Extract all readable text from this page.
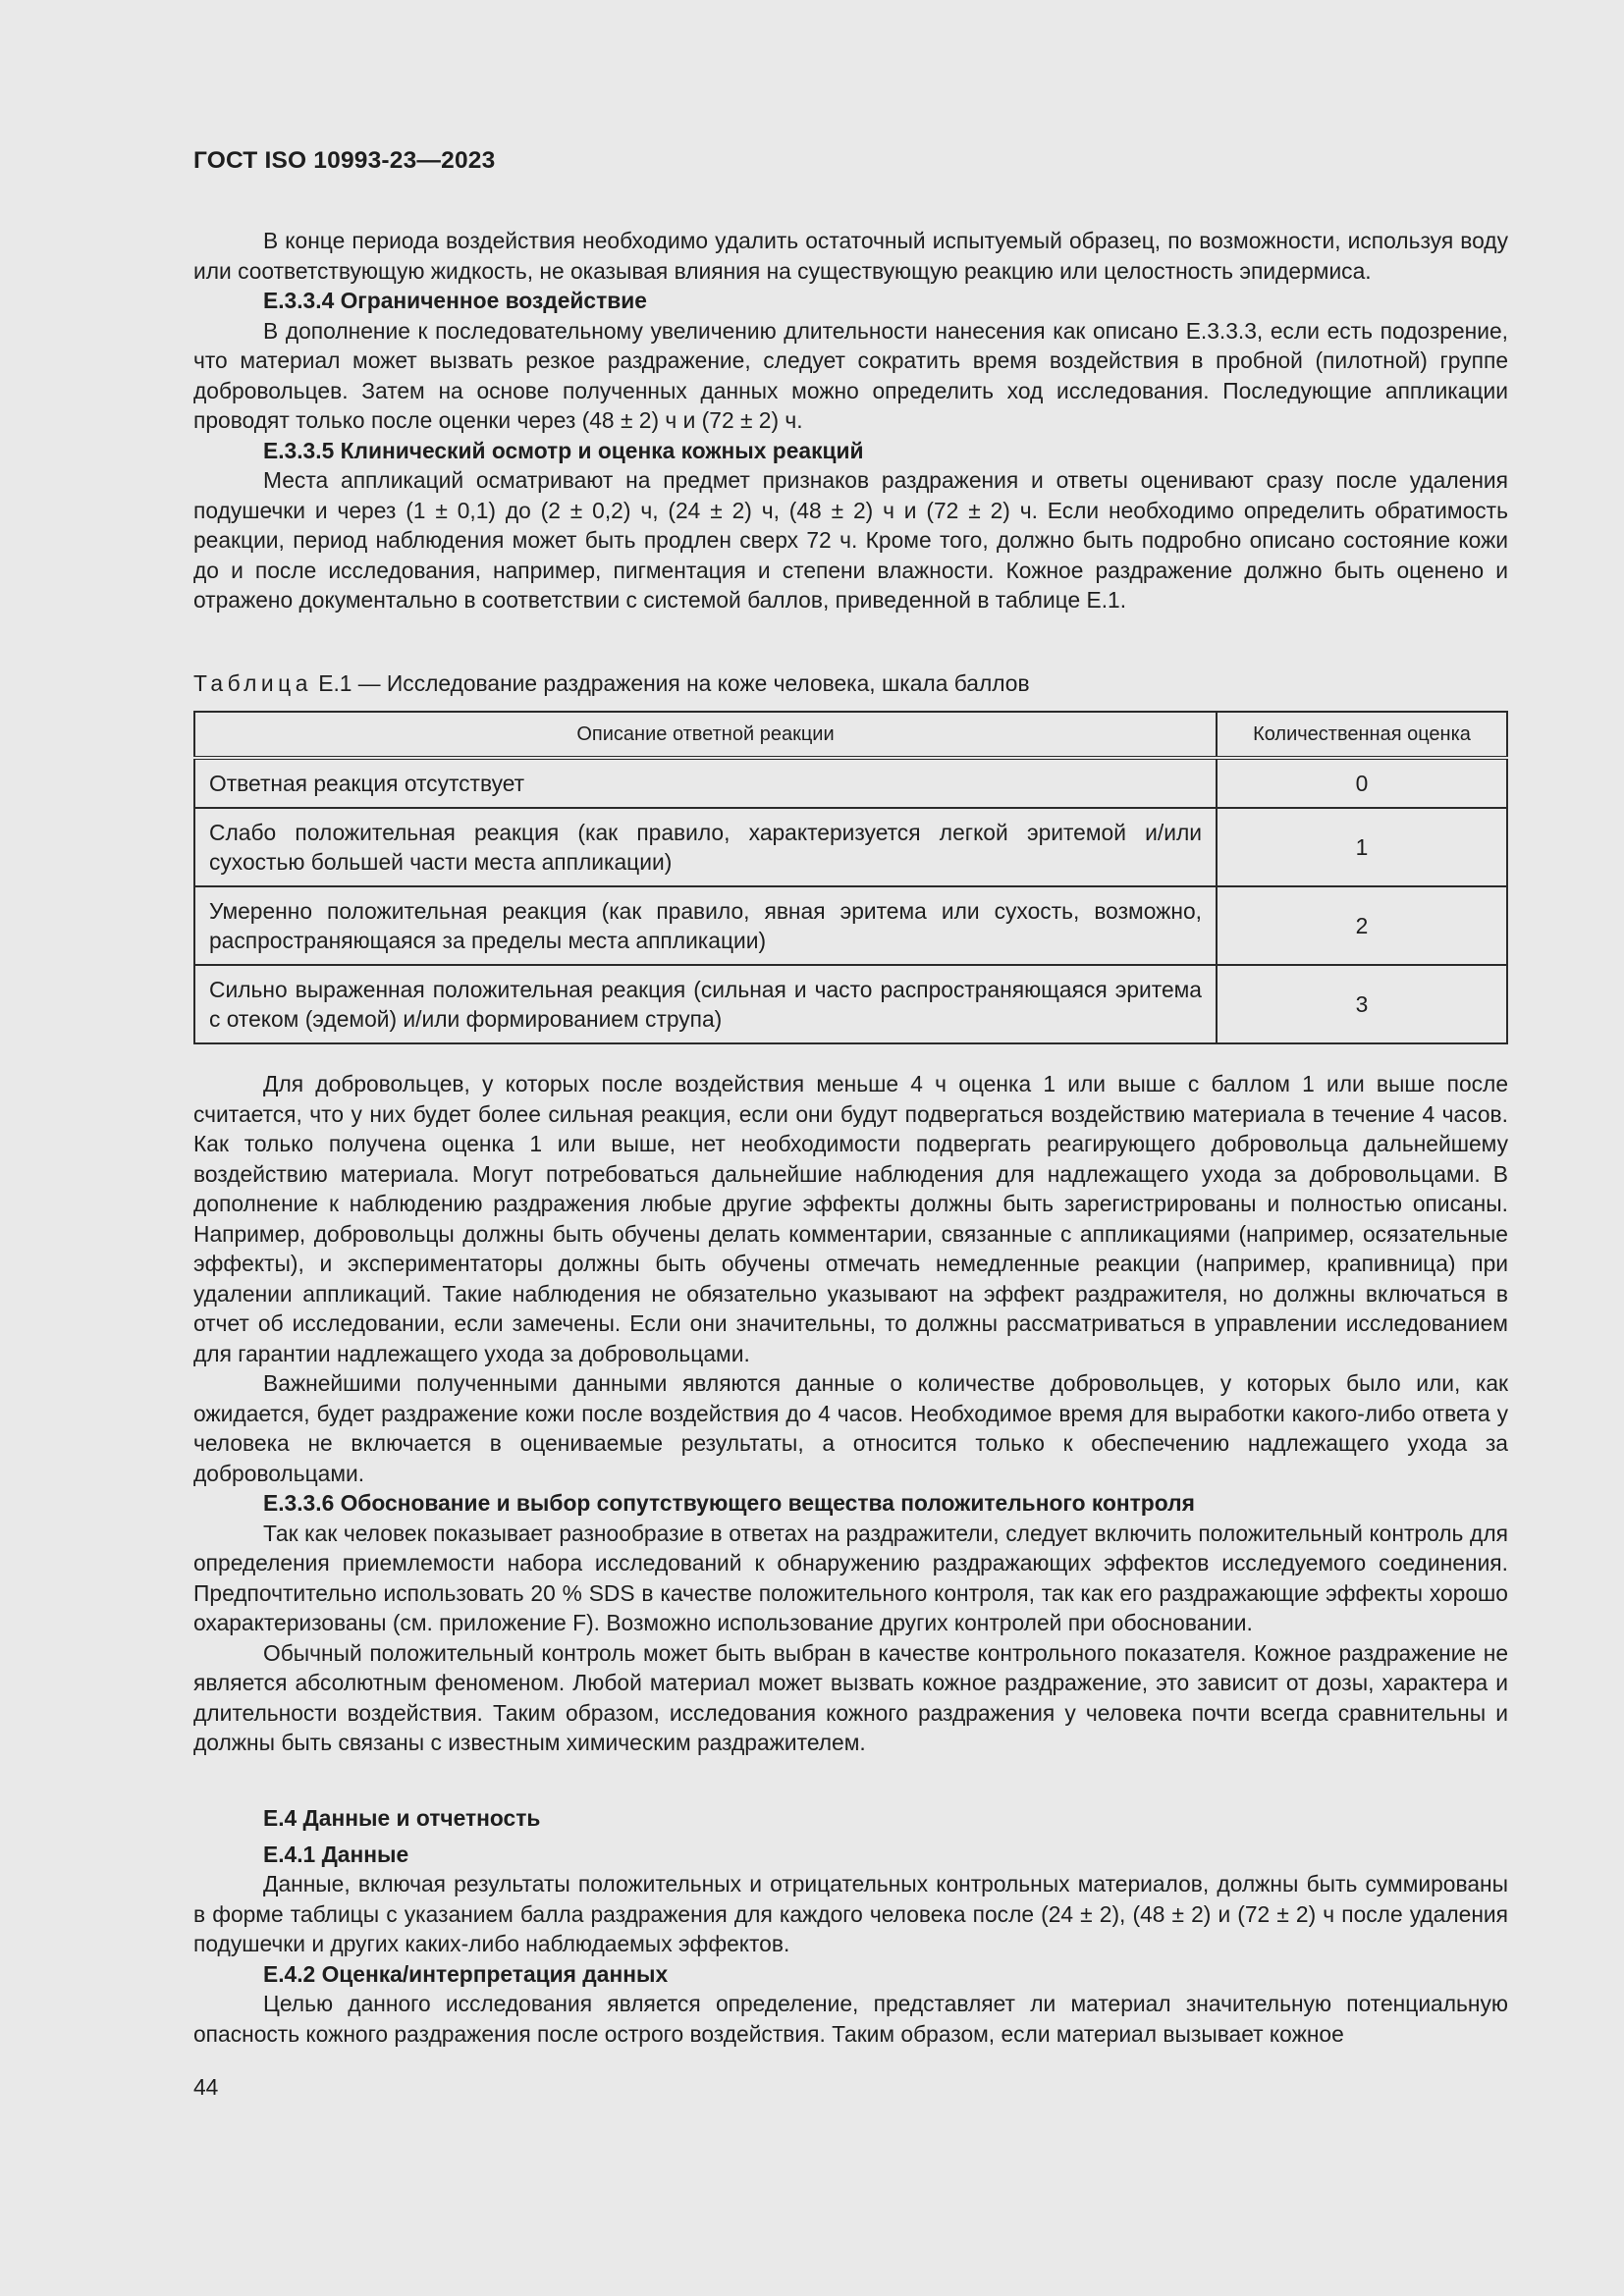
ГОСТ ISO 10993-23—2023

В конце периода воздействия необходимо удалить остаточный испытуемый образец, по возможности, используя воду или соответствующую жидкость, не оказывая влияния на существующую реакцию или целостность эпидермиса.

E.3.3.4 Ограниченное воздействие

В дополнение к последовательному увеличению длительности нанесения как описано E.3.3.3, если есть подозрение, что материал может вызвать резкое раздражение, следует сократить время воздействия в пробной (пилотной) группе добровольцев. Затем на основе полученных данных можно определить ход исследования. Последующие аппликации проводят только после оценки через (48 ± 2) ч и (72 ± 2) ч.

E.3.3.5 Клинический осмотр и оценка кожных реакций

Места аппликаций осматривают на предмет признаков раздражения и ответы оценивают сразу после удаления подушечки и через (1 ± 0,1) до (2 ± 0,2) ч, (24 ± 2) ч, (48 ± 2) ч и (72 ± 2) ч. Если необходимо определить обратимость реакции, период наблюдения может быть продлен сверх 72 ч. Кроме того, должно быть подробно описано состояние кожи до и после исследования, например, пигментация и степени влажности. Кожное раздражение должно быть оценено и отражено документально в соответствии с системой баллов, приведенной в таблице E.1.

Таблица E.1 — Исследование раздражения на коже человека, шкала баллов
Описание ответной реакции	Количественная оценка
Ответная реакция отсутствует	0
Слабо положительная реакция (как правило, характеризуется легкой эритемой и/или сухостью большей части места аппликации)	1
Умеренно положительная реакция (как правило, явная эритема или сухость, возможно, распространяющаяся за пределы места аппликации)	2
Сильно выраженная положительная реакция (сильная и часто распространяющаяся эритема с отеком (эдемой) и/или формированием струпа)	3

Для добровольцев, у которых после воздействия меньше 4 ч оценка 1 или выше с баллом 1 или выше после считается, что у них будет более сильная реакция, если они будут подвергаться воздействию материала в течение 4 часов. Как только получена оценка 1 или выше, нет необходимости подвергать реагирующего добровольца дальнейшему воздействию материала. Могут потребоваться дальнейшие наблюдения для надлежащего ухода за добровольцами. В дополнение к наблюдению раздражения любые другие эффекты должны быть зарегистрированы и полностью описаны. Например, добровольцы должны быть обучены делать комментарии, связанные с аппликациями (например, осязательные эффекты), и экспериментаторы должны быть обучены отмечать немедленные реакции (например, крапивница) при удалении аппликаций. Такие наблюдения не обязательно указывают на эффект раздражителя, но должны включаться в отчет об исследовании, если замечены. Если они значительны, то должны рассматриваться в управлении исследованием для гарантии надлежащего ухода за добровольцами.

Важнейшими полученными данными являются данные о количестве добровольцев, у которых было или, как ожидается, будет раздражение кожи после воздействия до 4 часов. Необходимое время для выработки какого-либо ответа у человека не включается в оцениваемые результаты, а относится только к обеспечению надлежащего ухода за добровольцами.

E.3.3.6 Обоснование и выбор сопутствующего вещества положительного контроля

Так как человек показывает разнообразие в ответах на раздражители, следует включить положительный контроль для определения приемлемости набора исследований к обнаружению раздражающих эффектов исследуемого соединения. Предпочтительно использовать 20 % SDS в качестве положительного контроля, так как его раздражающие эффекты хорошо охарактеризованы (см. приложение F). Возможно использование других контролей при обосновании.

Обычный положительный контроль может быть выбран в качестве контрольного показателя. Кожное раздражение не является абсолютным феноменом. Любой материал может вызвать кожное раздражение, это зависит от дозы, характера и длительности воздействия. Таким образом, исследования кожного раздражения у человека почти всегда сравнительны и должны быть связаны с известным химическим раздражителем.

E.4 Данные и отчетность

E.4.1 Данные

Данные, включая результаты положительных и отрицательных контрольных материалов, должны быть суммированы в форме таблицы с указанием балла раздражения для каждого человека после (24 ± 2), (48 ± 2) и (72 ± 2) ч после удаления подушечки и других каких-либо наблюдаемых эффектов.

E.4.2 Оценка/интерпретация данных

Целью данного исследования является определение, представляет ли материал значительную потенциальную опасность кожного раздражения после острого воздействия. Таким образом, если материал вызывает кожное

44
